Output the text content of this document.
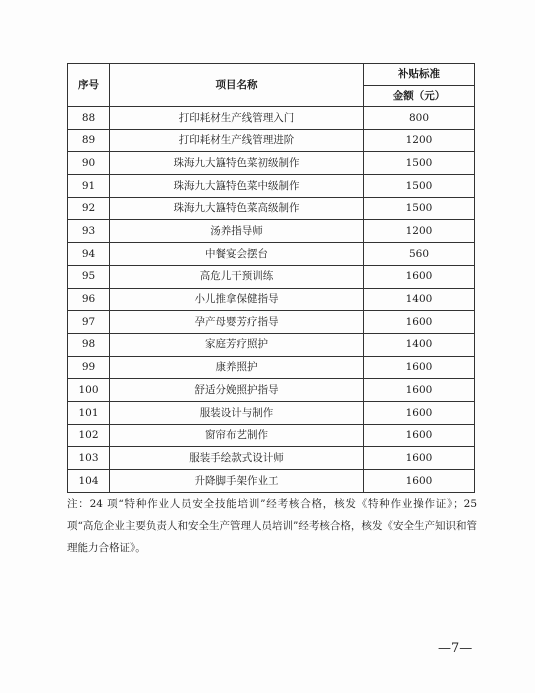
序号	项目名称	补贴标准
		金额（元）
88	打印耗材生产线管理入门	800
89	打印耗材生产线管理进阶	1200
90	珠海九大簋特色菜初级制作	1500
91	珠海九大簋特色菜中级制作	1500
92	珠海九大簋特色菜高级制作	1500
93	汤养指导师	1200
94	中餐宴会摆台	560
95	高危儿干预训练	1600
96	小儿推拿保健指导	1400
97	孕产母婴芳疗指导	1600
98	家庭芳疗照护	1400
99	康养照护	1600
100	舒适分娩照护指导	1600
101	服装设计与制作	1600
102	窗帘布艺制作	1600
103	服装手绘款式设计师	1600
104	升降脚手架作业工	1600
注：24 项“特种作业人员安全技能培训”经考核合格，核发《特种作业操作证》；25 项“高危企业主要负责人和安全生产管理人员培训”经考核合格，核发《安全生产知识和管理能力合格证》。
—7—
